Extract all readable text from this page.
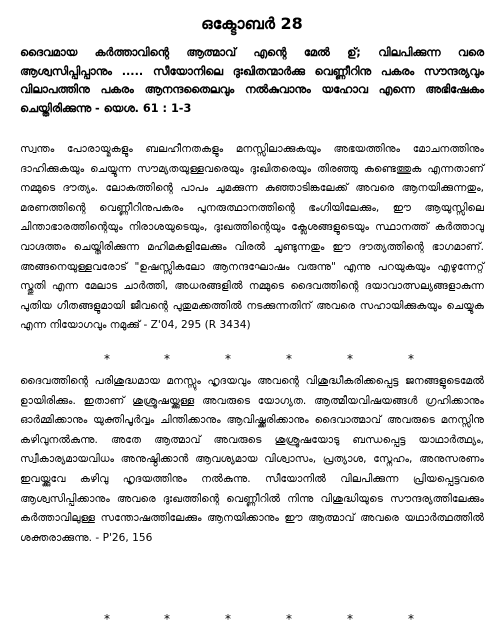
ഒക്ടോബർ 28
ദൈവമായ കർത്താവിന്റെ ആത്മാവ് എന്റെ മേൽ ഉ്; വിലപിക്കുന്ന വരെ ആശ്വസിപ്പിപ്പാനും ..... സീയോനിലെ ദുഃഖിതന്മാർക്കു വെണ്ണീറിനു പകരം സൗന്ദര്യവും വിലാപത്തിനു പകരം ആനന്ദതൈലവും നൽകുവാനും യഹോവ എന്നെ അഭിഷേകം ചെയ്തിരിക്കുന്നു - യെശ. 61 : 1-3
സ്വന്തം പോരായ്മകളും ബലഹീനതകളും മനസ്സിലാക്കുകയും അഭയത്തിനും മോചനത്തിനും ദാഹിക്കുകയും ചെയ്യുന്ന സൗമ്യതയുള്ളവരെയും ദുഃഖിതരെയും തിരഞ്ഞു കണ്ടെത്തുക എന്നതാണ് നമ്മുടെ ദൗത്യം. ലോകത്തിന്റെ പാപം ചുമക്കുന്ന കുഞ്ഞാടിങ്കലേക്ക് അവരെ ആനയിക്കുന്നതും, മരണത്തിന്റെ വെണ്ണീറിനുപകരം പുനരുത്ഥാനത്തിന്റെ ഭംഗിയിലേക്കും, ഈ ആയുസ്സിലെ ചിന്താഭാരത്തിന്റെയും നിരാശയുടെയും, ദുഃഖത്തിന്റെയും ക്ലേശങ്ങളുടെയും സ്ഥാനത്ത് കർത്താവു വാഗ്ദത്തം ചെയ്തിരിക്കുന്ന മഹിമകളിലേക്കും വിരൽ ചൂണ്ടുന്നതും ഈ ദൗത്യത്തിന്റെ ഭാഗമാണ്. അങ്ങനെയുള്ളവരോട് "ഉഷസ്സികലോ ആനന്ദഘോഷം വരുന്നു" എന്നു പറയുകയും എഴുന്നേറ്റ് സ്തുതി എന്ന മേലാട ചാർത്തി, അധരങ്ങളിൽ നമ്മുടെ ദൈവത്തിന്റെ ദയാവാത്സല്യങ്ങളാകുന്ന പുതിയ ഗീതങ്ങളുമായി ജീവന്റെ പുതുമക്കത്തിൽ നടക്കുന്നതിന് അവരെ സഹായിക്കുകയും ചെയ്യുക എന്ന നിയോഗവും നമുക്കു് - Z'04, 295 (R 3434)
*	*	*	*	*	*
ദൈവത്തിന്റെ പരിശുദ്ധമായ മനസ്സും ഹൃദയവും അവന്റെ വിശുദ്ധീകരിക്കപ്പെട്ട ജനങ്ങളുടെമേൽ ഉായിരിക്കും. ഇതാണ് ശുശ്രൂഷയ്ക്കുള്ള അവരുടെ യോഗ്യത. ആത്മീയവിഷയങ്ങൾ ഗ്രഹിക്കാനും ഓർമ്മിക്കാനും യുക്തിപൂർവ്വം ചിന്തിക്കാനും ആവിഷ്ക്കരിക്കാനും ദൈവാത്മാവ് അവരുടെ മനസ്സിനു കഴിവുനൽകുന്നു. അതേ ആത്മാവ് അവരുടെ ശുശ്രൂഷയോടു ബന്ധപ്പെട്ട യാഥാർത്ഥ്യം, സ്വീകാര്യമായവിധം അനുഷ്ഠിക്കാൻ ആവശ്യമായ വിശ്വാസം, പ്രത്യാശ, സ്നേഹം, അനുസരണം ഇവയ്ക്കുവേ കഴിവു ഹൃദയത്തിനും നൽകുന്നു. സീയോനിൽ വിലപിക്കുന്ന പ്രിയപ്പെട്ടവരെ ആശ്വസിപ്പിക്കാനും അവരെ ദുഃഖത്തിന്റെ വെണ്ണീറിൽ നിന്നു വിശുദ്ധിയുടെ സൗന്ദര്യത്തിലേക്കും കർത്താവിലുള്ള സന്തോഷത്തിലേക്കും ആനയിക്കാനും ഈ ആത്മാവ് അവരെ യഥാർത്ഥത്തിൽ ശക്തരാക്കുന്നു. - P'26, 156
*	*	*	*	*	*
